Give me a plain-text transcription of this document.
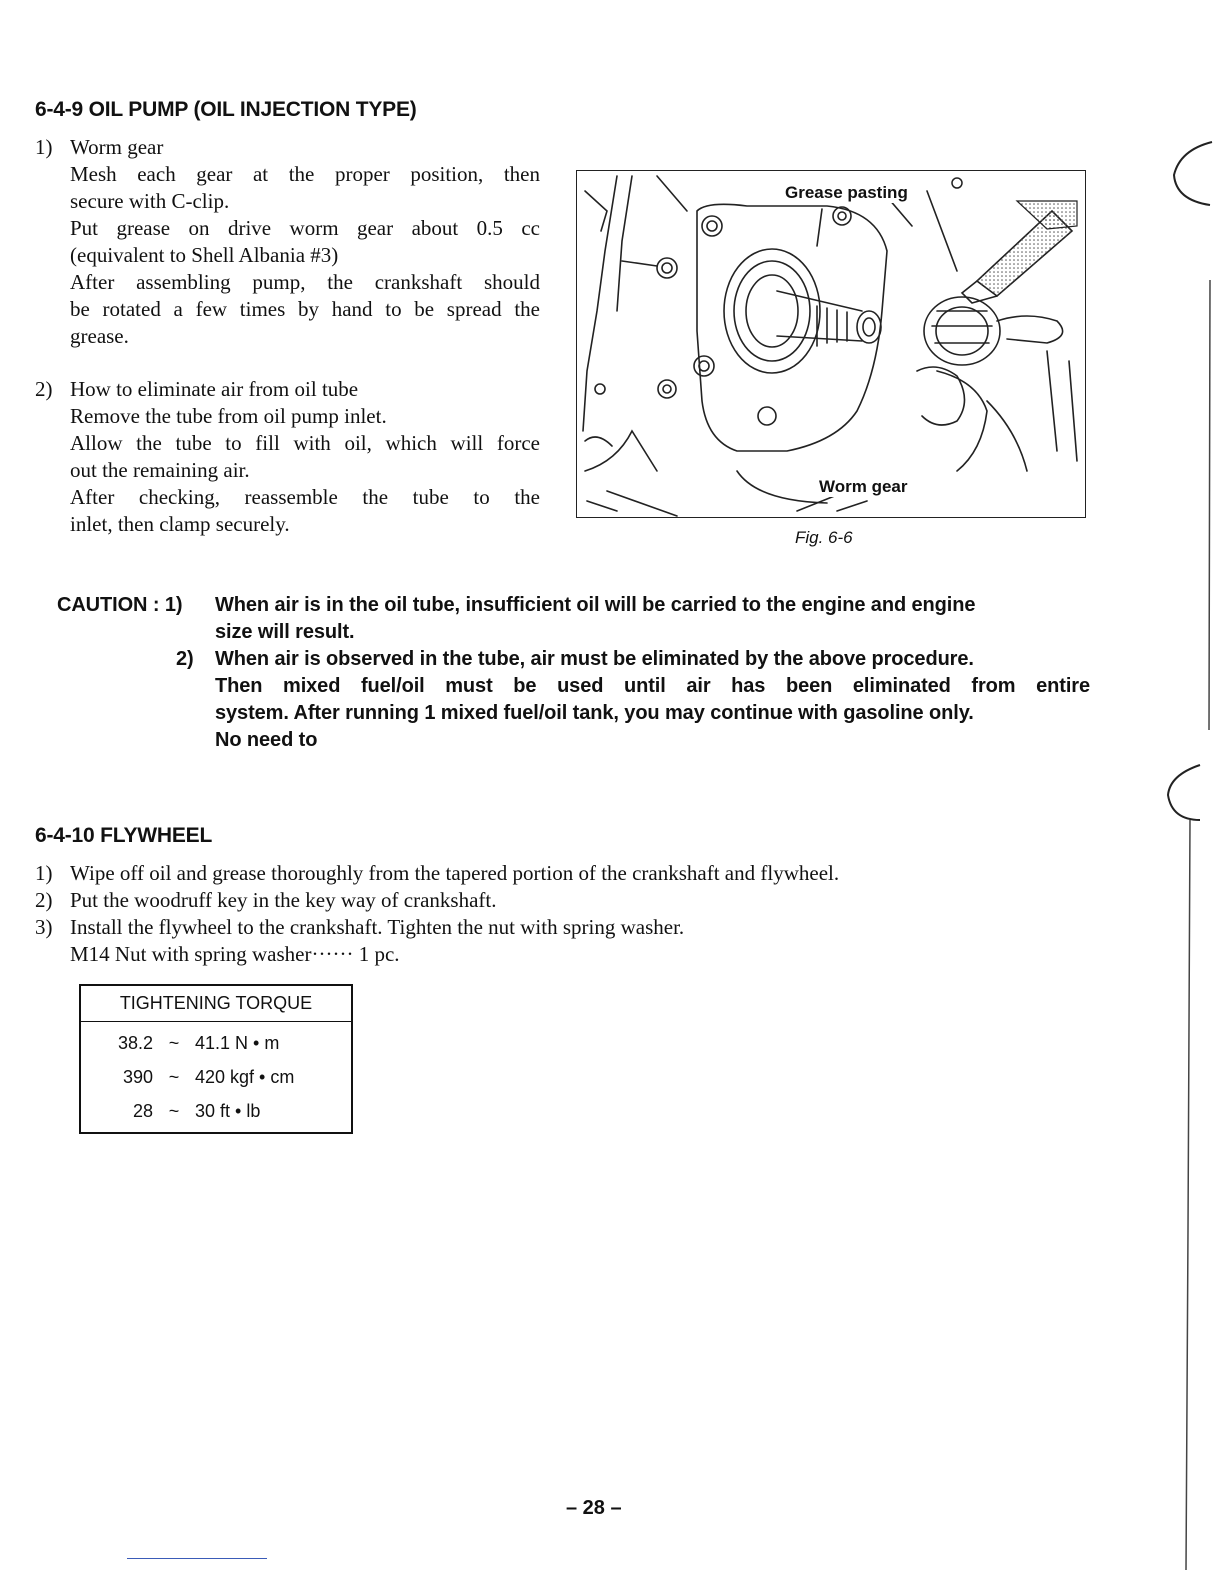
6-4-9 OIL PUMP (OIL INJECTION TYPE)
1) Worm gear
Mesh each gear at the proper position, then
secure with C-clip.
Put grease on drive worm gear about 0.5 cc
(equivalent to Shell Albania #3)
After assembling pump, the crankshaft should
be rotated a few times by hand to be spread the
grease.
2) How to eliminate air from oil tube
Remove the tube from oil pump inlet.
Allow the tube to fill with oil, which will force
out the remaining air.
After checking, reassemble the tube to the
inlet, then clamp securely.
Grease pasting
Worm gear
Fig. 6-6
CAUTION : 1) When air is in the oil tube, insufficient oil will be carried to the engine and engine
size will result.
2) When air is observed in the tube, air must be eliminated by the above procedure.
Then mixed fuel/oil must be used until air has been eliminated from entire
system. After running 1 mixed fuel/oil tank, you may continue with gasoline only.
No need to
6-4-10 FLYWHEEL
1) Wipe off oil and grease thoroughly from the tapered portion of the crankshaft and flywheel.
2) Put the woodruff key in the key way of crankshaft.
3) Install the flywheel to the crankshaft. Tighten the nut with spring washer.
M14 Nut with spring washer······ 1 pc.
TIGHTENING TORQUE
38.2	~	41.1 N • m
390	~	420 kgf • cm
28	~	30 ft • lb
– 28 –
